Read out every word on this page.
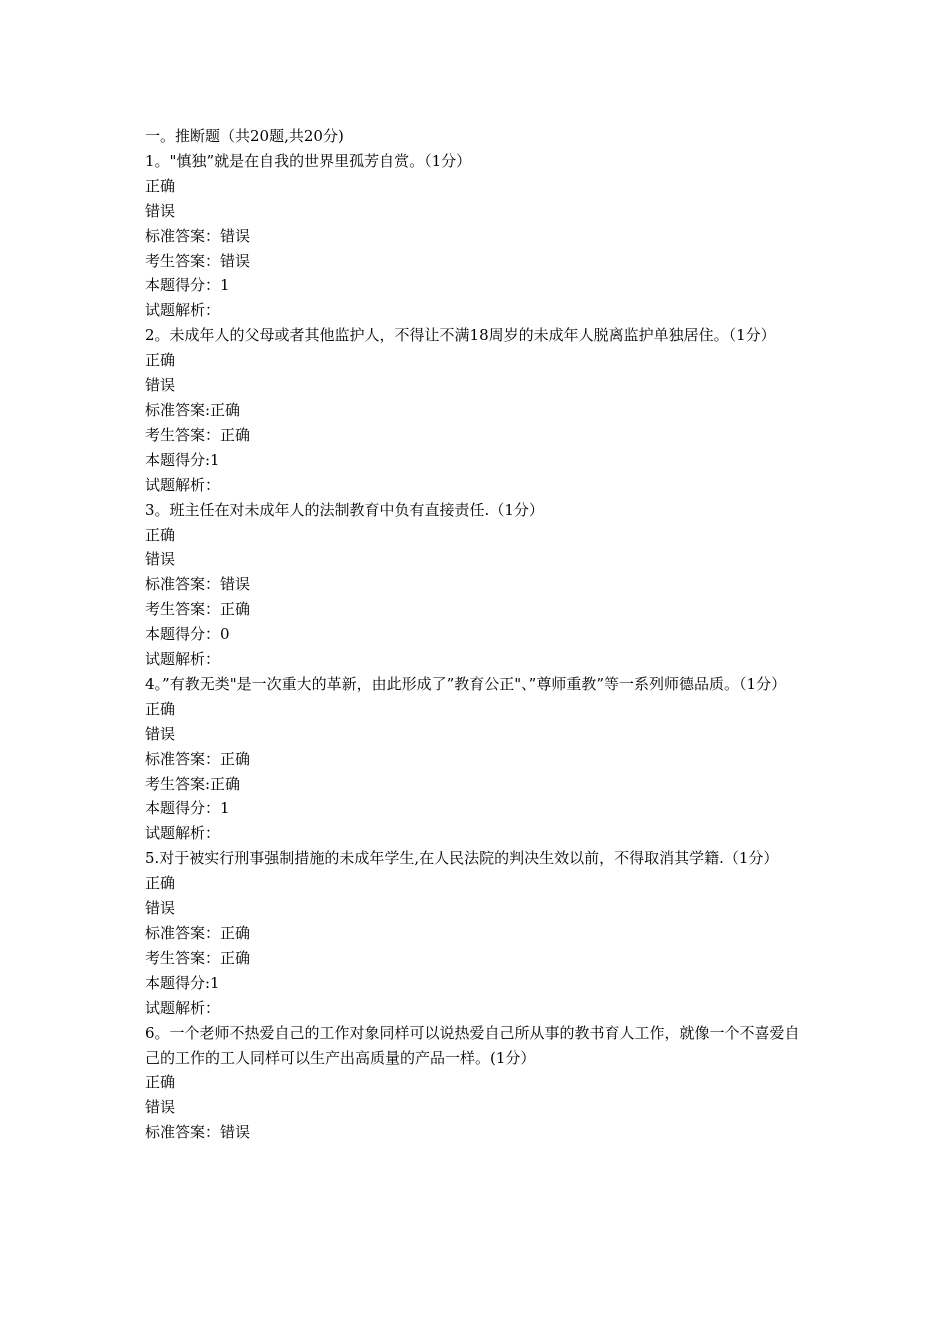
一。推断题（共20题,共20分)
1。"慎独”就是在自我的世界里孤芳自赏。（1分）
正确
错误
标准答案：错误
考生答案：错误
本题得分：1
试题解析：
2。未成年人的父母或者其他监护人，不得让不满18周岁的未成年人脱离监护单独居住。（1分）
正确
错误
标准答案:正确
考生答案：正确
本题得分:1
试题解析：
3。班主任在对未成年人的法制教育中负有直接责任.（1分）
正确
错误
标准答案：错误
考生答案：正确
本题得分：0
试题解析：
4。”有教无类"是一次重大的革新，由此形成了”教育公正"、”尊师重教”等一系列师德品质。（1分）
正确
错误
标准答案：正确
考生答案:正确
本题得分：1
试题解析：
5.对于被实行刑事强制措施的未成年学生,在人民法院的判决生效以前，不得取消其学籍.（1分）
正确
错误
标准答案：正确
考生答案：正确
本题得分:1
试题解析：
6。一个老师不热爱自己的工作对象同样可以说热爱自己所从事的教书育人工作，就像一个不喜爱自己的工作的工人同样可以生产出高质量的产品一样。(1分）
正确
错误
标准答案：错误
